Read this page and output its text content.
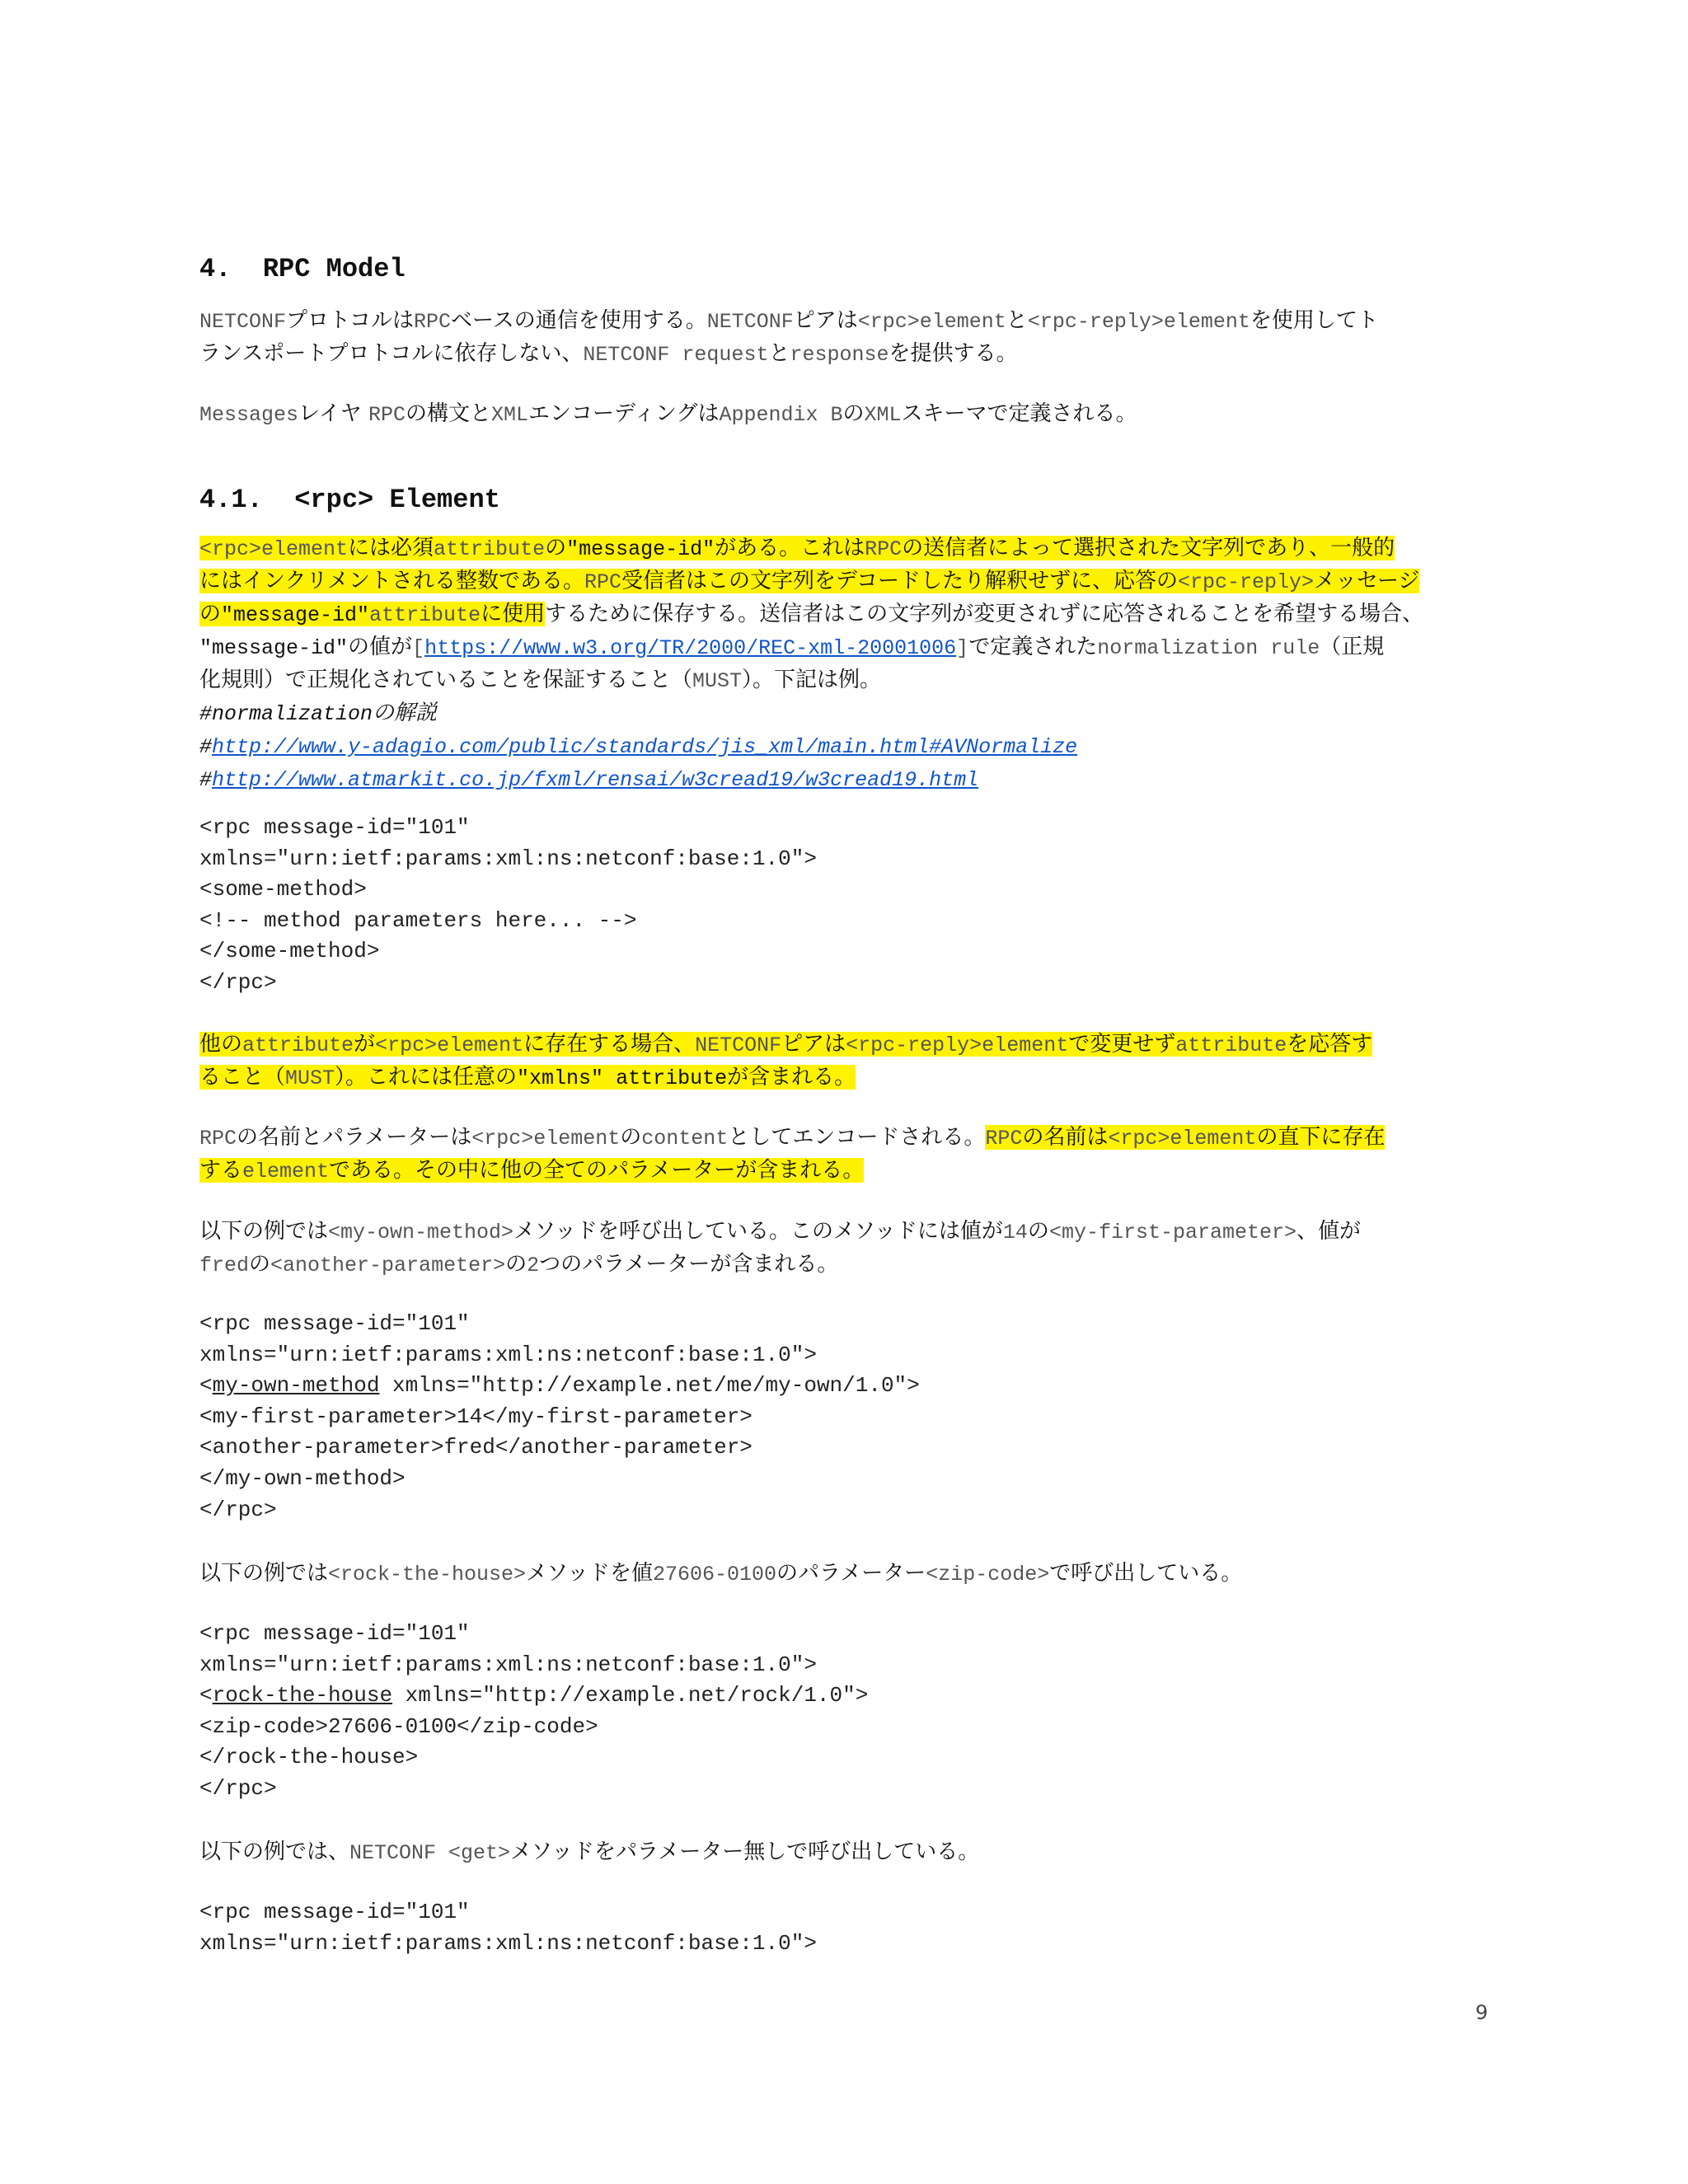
4.  RPC Model
NETCONFプロトコルはRPCベースの通信を使用する。NETCONFピアは<rpc>elementと<rpc-reply>elementを使用してト
ランスポートプロトコルに依存しない、NETCONF requestとresponseを提供する。
Messagesレイヤ RPCの構文とXMLエンコーディングはAppendix BのXMLスキーマで定義される。
4.1.  <rpc> Element
<rpc>elementには必須attributeの"message-id"がある。これはRPCの送信者によって選択された文字列であり、一般的
にはインクリメントされる整数である。RPC受信者はこの文字列をデコードしたり解釈せずに、応答の<rpc-reply>メッセージ
の"message-id"attributeに使用するために保存する。送信者はこの文字列が変更されずに応答されることを希望する場合、
"message-id"の値が[https://www.w3.org/TR/2000/REC-xml-20001006]で定義されたnormalization rule（正規
化規則）で正規化されていることを保証すること（MUST）。下記は例。
#normalizationの解説
#http://www.y-adagio.com/public/standards/jis_xml/main.html#AVNormalize
#http://www.atmarkit.co.jp/fxml/rensai/w3cread19/w3cread19.html
<rpc message-id="101"
xmlns="urn:ietf:params:xml:ns:netconf:base:1.0">
<some-method>
<!-- method parameters here... -->
</some-method>
</rpc>
他のattributeが<rpc>elementに存在する場合、NETCONFピアは<rpc-reply>elementで変更せずattributeを応答す
ること（MUST）。これには任意の"xmlns" attributeが含まれる。
RPCの名前とパラメーターは<rpc>elementのcontentとしてエンコードされる。RPCの名前は<rpc>elementの直下に存在
するelementである。その中に他の全てのパラメーターが含まれる。
以下の例では<my-own-method>メソッドを呼び出している。このメソッドには値が14の<my-first-parameter>、値が
fredの<another-parameter>の2つのパラメーターが含まれる。
<rpc message-id="101"
xmlns="urn:ietf:params:xml:ns:netconf:base:1.0">
<my-own-method xmlns="http://example.net/me/my-own/1.0">
<my-first-parameter>14</my-first-parameter>
<another-parameter>fred</another-parameter>
</my-own-method>
</rpc>
以下の例では<rock-the-house>メソッドを値27606-0100のパラメーター<zip-code>で呼び出している。
<rpc message-id="101"
xmlns="urn:ietf:params:xml:ns:netconf:base:1.0">
<rock-the-house xmlns="http://example.net/rock/1.0">
<zip-code>27606-0100</zip-code>
</rock-the-house>
</rpc>
以下の例では、NETCONF <get>メソッドをパラメーター無しで呼び出している。
<rpc message-id="101"
xmlns="urn:ietf:params:xml:ns:netconf:base:1.0">
9
